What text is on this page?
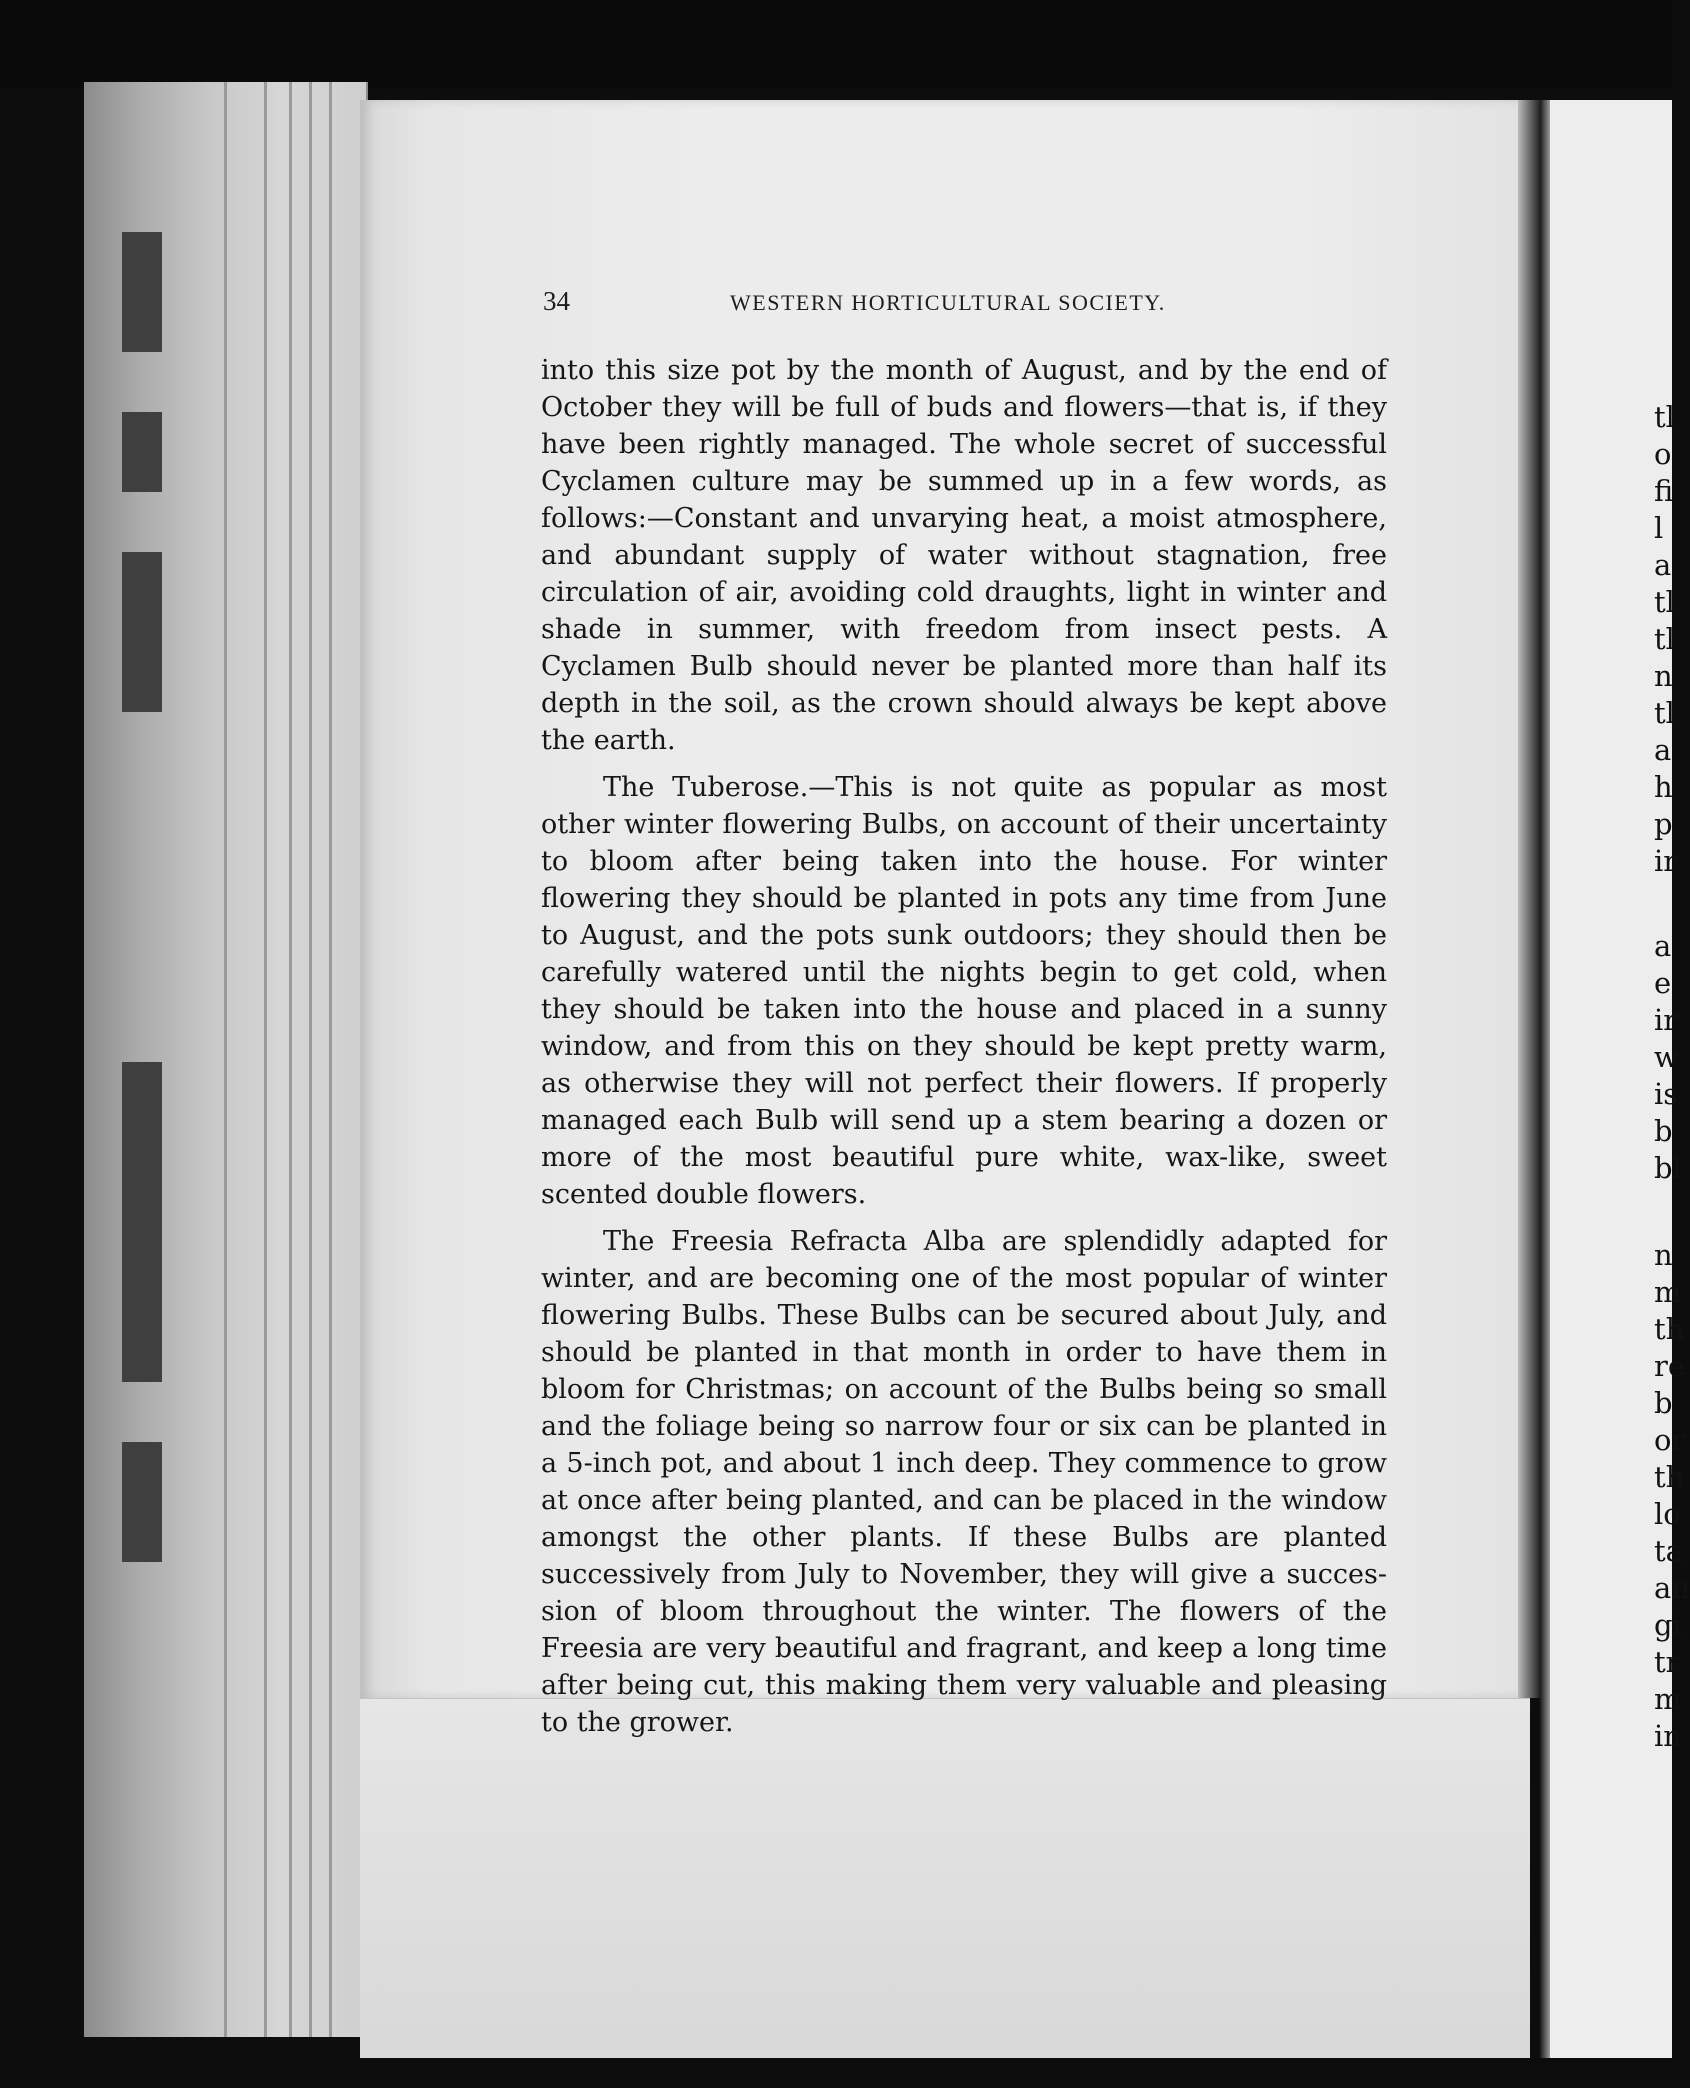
34	WESTERN HORTICULTURAL SOCIETY.

into this size pot by the month of August, and by the end of October they will be full of buds and flowers—that is, if they have been rightly managed. The whole secret of successful Cyclamen culture may be summed up in a few words, as follows:—Constant and unvarying heat, a moist atmosphere, and abundant supply of water without stagnation, free circulation of air, avoiding cold draughts, light in winter and shade in summer, with freedom from insect pests. A Cyclamen Bulb should never be planted more than half its depth in the soil, as the crown should always be kept above the earth.

The Tuberose.—This is not quite as popular as most other winter flowering Bulbs, on account of their uncertainty to bloom after being taken into the house. For winter flowering they should be planted in pots any time from June to August, and the pots sunk outdoors; they should then be carefully watered until the nights begin to get cold, when they should be taken into the house and placed in a sunny window, and from this on they should be kept pretty warm, as otherwise they will not perfect their flowers. If properly managed each Bulb will send up a stem bearing a dozen or more of the most beautiful pure white, wax-like, sweet scented double flowers.

The Freesia Refracta Alba are splendidly adapted for winter, and are becoming one of the most popular of winter flowering Bulbs. These Bulbs can be secured about July, and should be planted in that month in order to have them in bloom for Christmas; on account of the Bulbs being so small and the foliage being so narrow four or six can be planted in a 5-inch pot, and about 1 inch deep. They commence to grow at once after being planted, and can be placed in the window amongst the other plants. If these Bulbs are planted successively from July to November, they will give a succession of bloom throughout the winter. The flowers of the Freesia are very beautiful and fragrant, and keep a long time after being cut, this making them very valuable and pleasing to the grower.

tl
o
fi
l
a
tl
tl
n
tl
a
h
p
ir
a
e
ir
w
is
b
bl
n
m
th
re
b
or
th
lo
ta
an
gi
tr
m
in
